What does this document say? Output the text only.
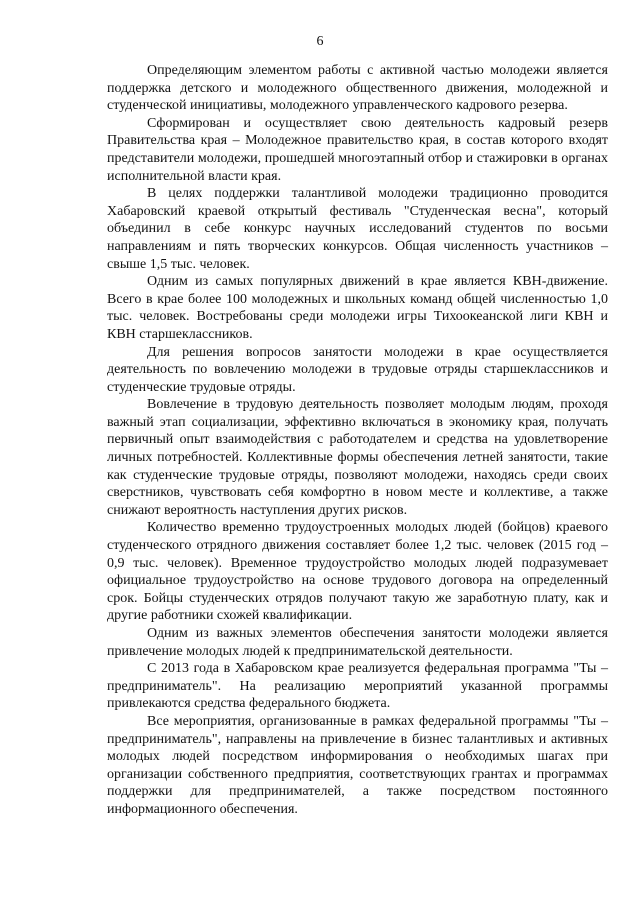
6

Определяющим элементом работы с активной частью молодежи является поддержка детского и молодежного общественного движения, молодежной и студенческой инициативы, молодежного управленческого кадрового резерва.

Сформирован и осуществляет свою деятельность кадровый резерв Правительства края – Молодежное правительство края, в состав которого входят представители молодежи, прошедшей многоэтапный отбор и стажировки в органах исполнительной власти края.

В целях поддержки талантливой молодежи традиционно проводится Хабаровский краевой открытый фестиваль "Студенческая весна", который объединил в себе конкурс научных исследований студентов по восьми направлениям и пять творческих конкурсов. Общая численность участников – свыше 1,5 тыс. человек.

Одним из самых популярных движений в крае является КВН-движение. Всего в крае более 100 молодежных и школьных команд общей численностью 1,0 тыс. человек. Востребованы среди молодежи игры Тихоокеанской лиги КВН и КВН старшеклассников.

Для решения вопросов занятости молодежи в крае осуществляется деятельность по вовлечению молодежи в трудовые отряды старшеклассников и студенческие трудовые отряды.

Вовлечение в трудовую деятельность позволяет молодым людям, проходя важный этап социализации, эффективно включаться в экономику края, получать первичный опыт взаимодействия с работодателем и средства на удовлетворение личных потребностей. Коллективные формы обеспечения летней занятости, такие как студенческие трудовые отряды, позволяют молодежи, находясь среди своих сверстников, чувствовать себя комфортно в новом месте и коллективе, а также снижают вероятность наступления других рисков.

Количество временно трудоустроенных молодых людей (бойцов) краевого студенческого отрядного движения составляет более 1,2 тыс. человек (2015 год – 0,9 тыс. человек). Временное трудоустройство молодых людей подразумевает официальное трудоустройство на основе трудового договора на определенный срок. Бойцы студенческих отрядов получают такую же заработную плату, как и другие работники схожей квалификации.

Одним из важных элементов обеспечения занятости молодежи является привлечение молодых людей к предпринимательской деятельности.

С 2013 года в Хабаровском крае реализуется федеральная программа "Ты – предприниматель". На реализацию мероприятий указанной программы привлекаются средства федерального бюджета.

Все мероприятия, организованные в рамках федеральной программы "Ты – предприниматель", направлены на привлечение в бизнес талантливых и активных молодых людей посредством информирования о необходимых шагах при организации собственного предприятия, соответствующих грантах и программах поддержки для предпринимателей, а также посредством постоянного информационного обеспечения.
